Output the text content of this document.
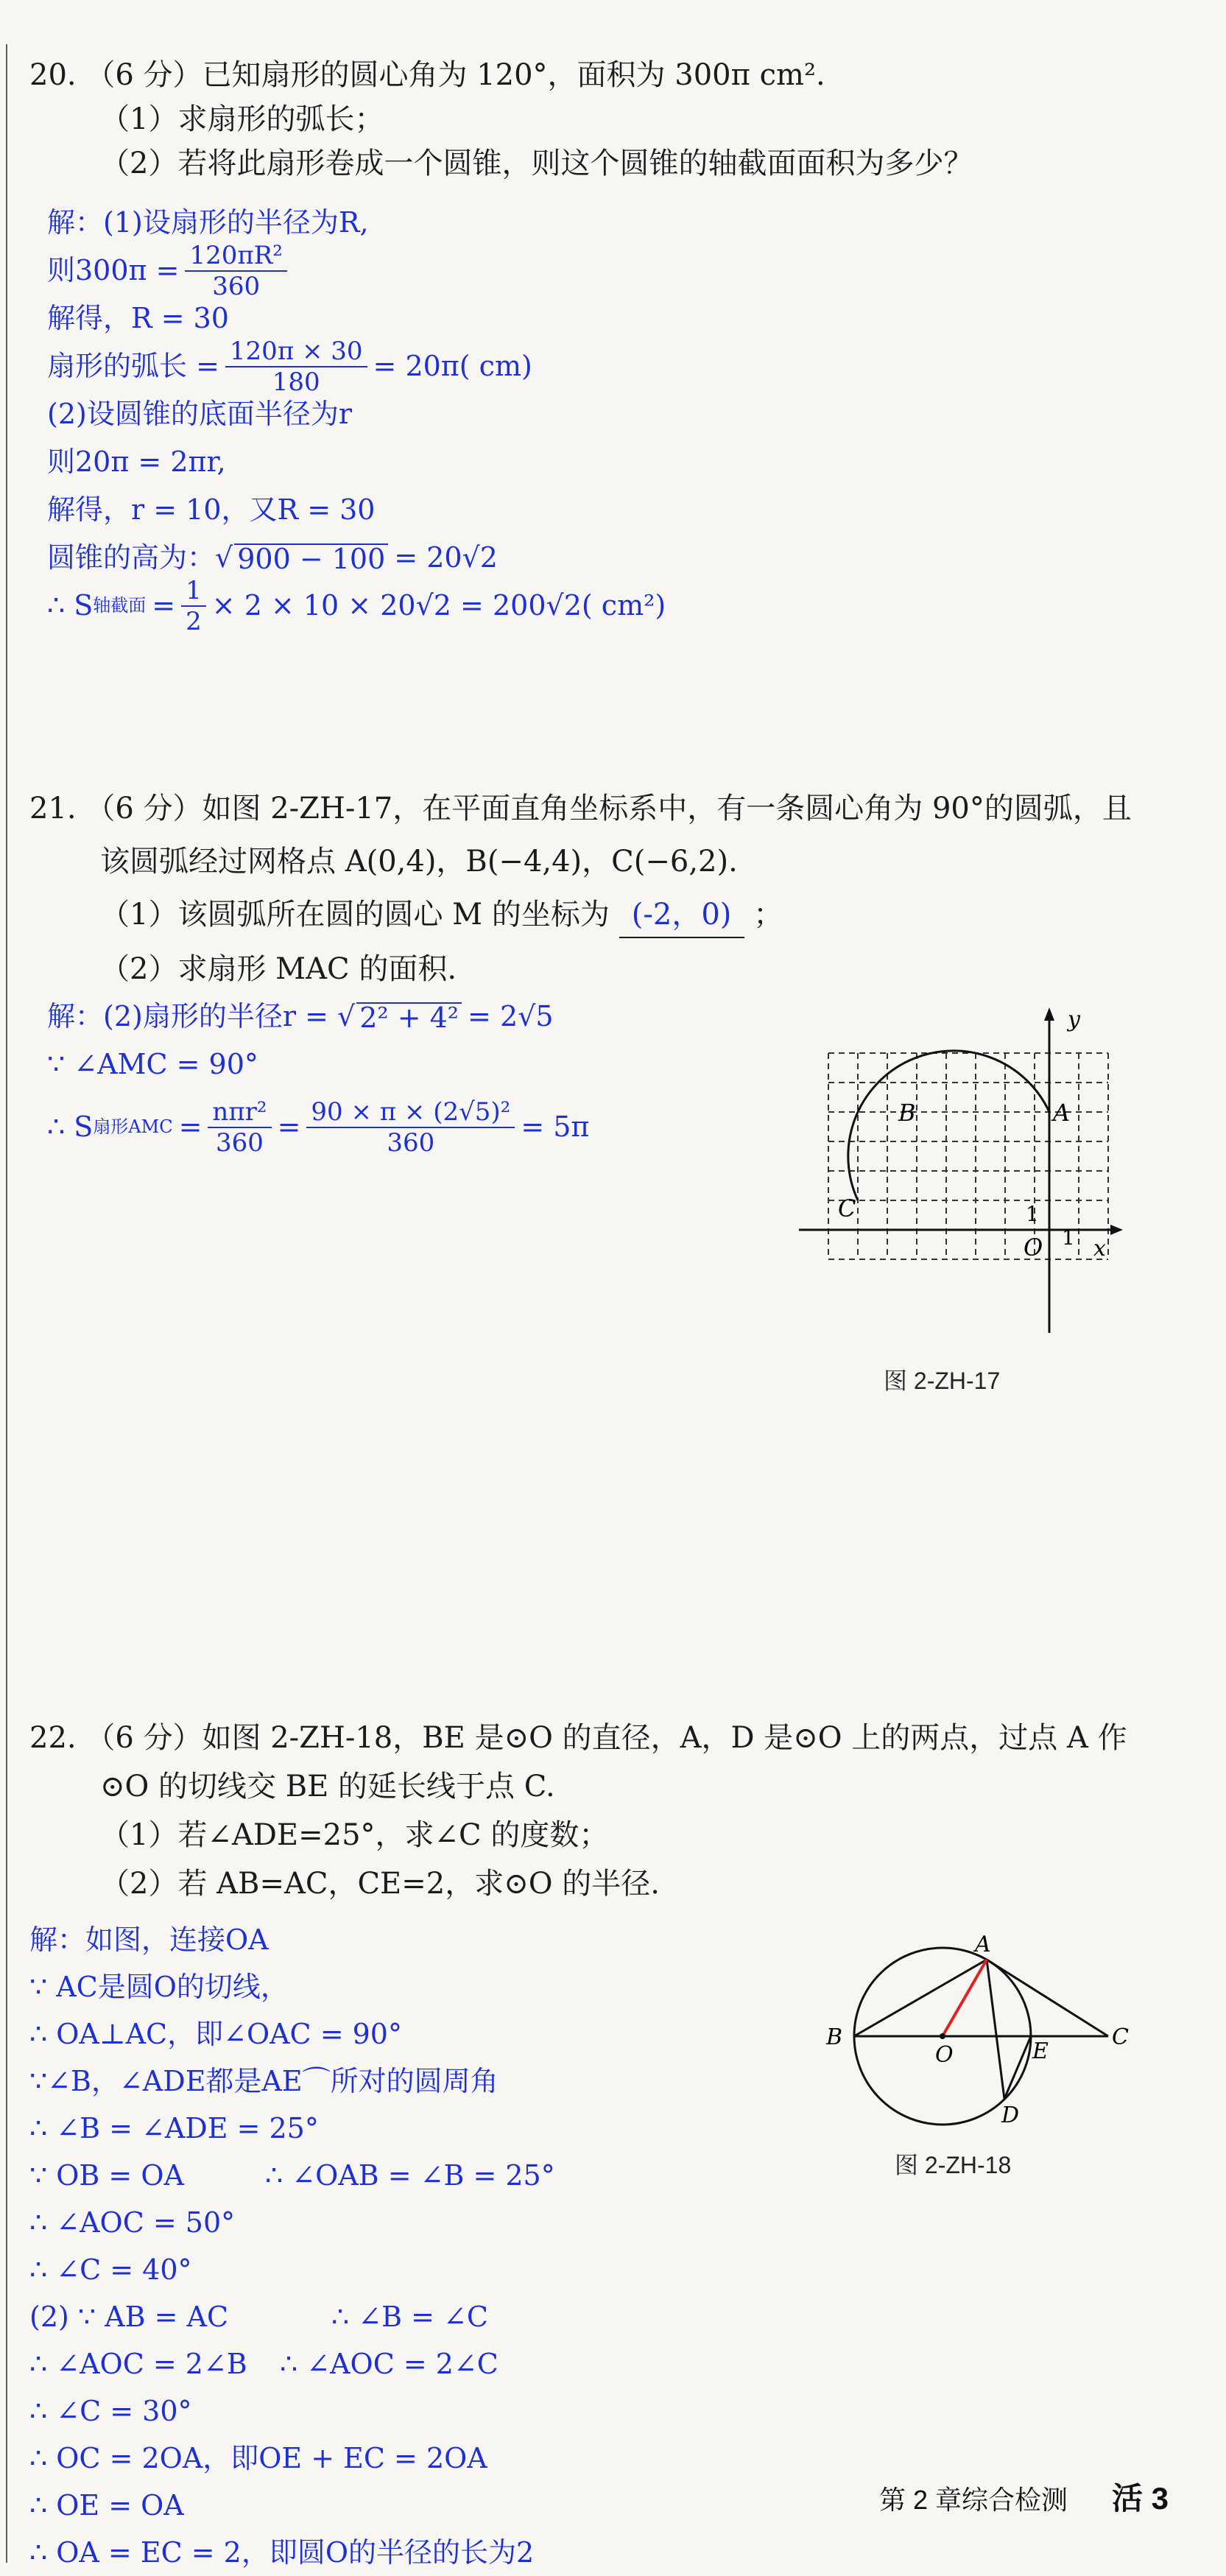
20. （6 分）已知扇形的圆心角为 120°，面积为 300π cm².
（1）求扇形的弧长；
（2）若将此扇形卷成一个圆锥，则这个圆锥的轴截面面积为多少？
解：(1)设扇形的半径为R,
则$300\pi = \frac{\text{120πR²}}{360}$
解得，R = 30
扇形的弧长 = $\frac{120\pi \times 30}{180} = 20\pi$( cm)
(2)设圆锥的底面半径为r
则20π = 2πr,
解得，r = 10，又R = 30
圆锥的高为：√ 900 − 100 = 20√2
∴ S 轴截面 = $\frac{1}{2} \times 2 \times 10 \times 20√2 = 200√2$( cm²)
21. （6 分）如图 2-ZH-17，在平面直角坐标系中，有一条圆心角为 90°的圆弧，且
该圆弧经过网格点 A(0,4)，B(−4,4)，C(−6,2).
（1）该圆弧所在圆的圆心 M 的坐标为 (-2，0) ；
（2）求扇形 MAC 的面积.
解：(2)扇形的半径r = √ 2² + 4² = 2√5
∵ ∠AMC = 90°
∴ S 扇形AMC = $\frac{\text{nπr²}}{360} = \frac{\text{90 × π × (2√5)²}}{360} = 5\pi$
y
x
A
B
C
O
1
1
图 2-ZH-17
22. （6 分）如图 2-ZH-18，BE 是⊙O 的直径，A，D 是⊙O 上的两点，过点 A 作
⊙O 的切线交 BE 的延长线于点 C.
（1）若∠ADE=25°，求∠C 的度数；
（2）若 AB=AC，CE=2，求⊙O 的半径.
解：如图，连接OA
∵ AC是圆O的切线，
∴ OA⊥AC，即∠OAC = 90°
∵∠B，∠ADE都是AE⌒所对的圆周角
∴ ∠B = ∠ADE = 25°
∵ OB = OA	∴ ∠OAB = ∠B = 25°
∴ ∠AOC = 50°
∴ ∠C = 40°
(2) ∵ AB = AC	∴ ∠B = ∠C
∴ ∠AOC = 2∠B	∴ ∠AOC = 2∠C
∴ ∠C = 30°
∴ OC = 2OA，即OE + EC = 2OA
∴ OE = OA
∴ OA = EC = 2，即圆O的半径的长为2
A
B	C
O	E
D
图 2-ZH-18
第 2 章综合检测 活 3
